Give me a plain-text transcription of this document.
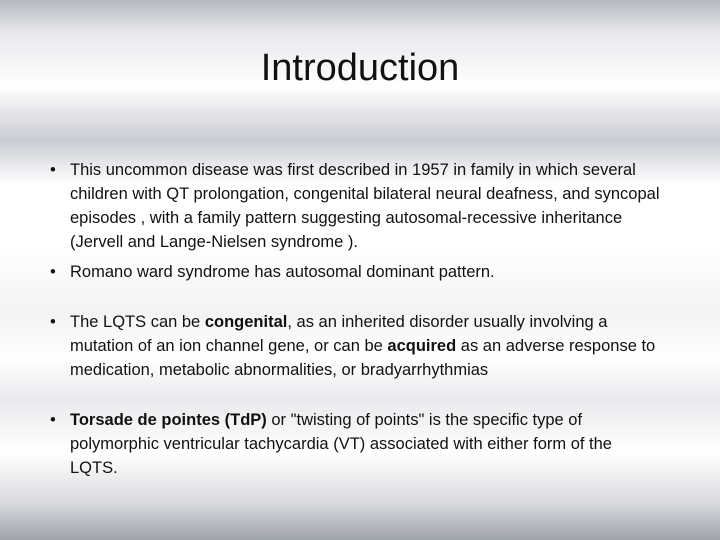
Introduction
• This uncommon disease was first described in 1957 in family in which several children with QT prolongation, congenital bilateral neural deafness, and syncopal episodes , with a family pattern suggesting autosomal-recessive inheritance (Jervell and Lange-Nielsen syndrome ).
• Romano ward syndrome has autosomal dominant pattern.
• The LQTS can be congenital, as an inherited disorder usually involving a mutation of an ion channel gene, or can be acquired as an adverse response to medication, metabolic abnormalities, or bradyarrhythmias
• Torsade de pointes (TdP) or "twisting of points" is the specific type of polymorphic ventricular tachycardia (VT) associated with either form of the LQTS.
